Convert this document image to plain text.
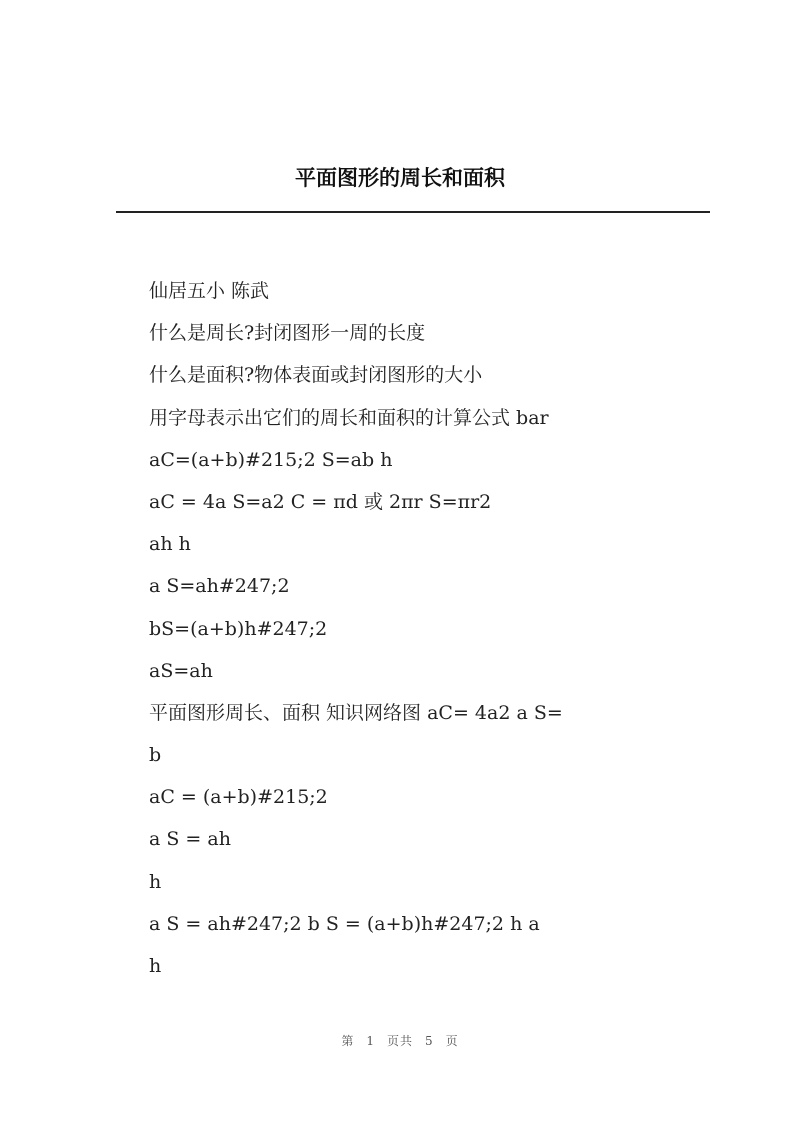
平面图形的周长和面积
仙居五小 陈武
什么是周长?封闭图形一周的长度
什么是面积?物体表面或封闭图形的大小
用字母表示出它们的周长和面积的计算公式 bar
aC=(a+b)#215;2 S=ab h
aC = 4a S=a2 C = πd 或 2πr S=πr2
ah h
a S=ah#247;2
bS=(a+b)h#247;2
aS=ah
平面图形周长、面积 知识网络图 aC= 4a2 a S=
b
aC = (a+b)#215;2
a S = ah
h
a S = ah#247;2 b S = (a+b)h#247;2 h a
h
第 1 页共 5 页
